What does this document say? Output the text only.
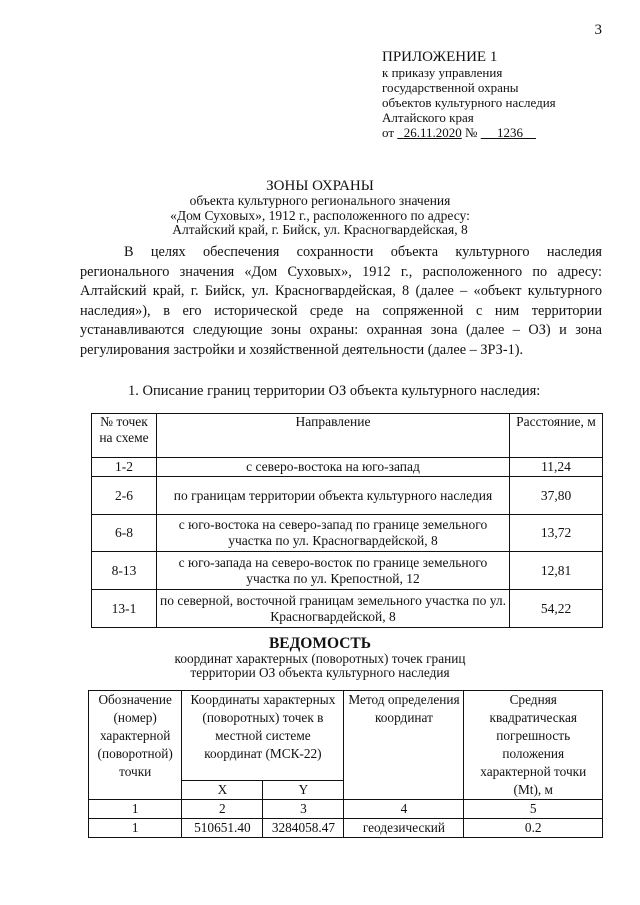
3
ПРИЛОЖЕНИЕ 1
к приказу управления
государственной охраны
объектов культурного наследия
Алтайского края
от 26.11.2020 № 1236
ЗОНЫ ОХРАНЫ
объекта культурного регионального значения
«Дом Суховых», 1912 г., расположенного по адресу:
Алтайский край, г. Бийск, ул. Красногвардейская, 8
В целях обеспечения сохранности объекта культурного наследия регионального значения «Дом Суховых», 1912 г., расположенного по адресу: Алтайский край, г. Бийск, ул. Красногвардейская, 8 (далее – «объект культурного наследия»), в его исторической среде на сопряженной с ним территории устанавливаются следующие зоны охраны: охранная зона (далее – ОЗ) и зона регулирования застройки и хозяйственной деятельности (далее – ЗРЗ-1).
1. Описание границ территории ОЗ объекта культурного наследия:
№ точек на схеме	Направление	Расстояние, м
1-2	с северо-востока на юго-запад	11,24
2-6	по границам территории объекта культурного наследия	37,80
6-8	с юго-востока на северо-запад по границе земельного участка по ул. Красногвардейской, 8	13,72
8-13	с юго-запада на северо-восток по границе земельного участка по ул. Крепостной, 12	12,81
13-1	по северной, восточной границам земельного участка по ул. Красногвардейской, 8	54,22
ВЕДОМОСТЬ
координат характерных (поворотных) точек границ
территории ОЗ объекта культурного наследия
Обозначение (номер) характерной (поворотной) точки	Координаты характерных (поворотных) точек в местной системе координат (МСК-22)		Метод определения координат	Средняя квадратическая погрешность положения характерной точки (Mt), м
	X	Y		
1	2	3	4	5
1	510651.40	3284058.47	геодезический	0.2
